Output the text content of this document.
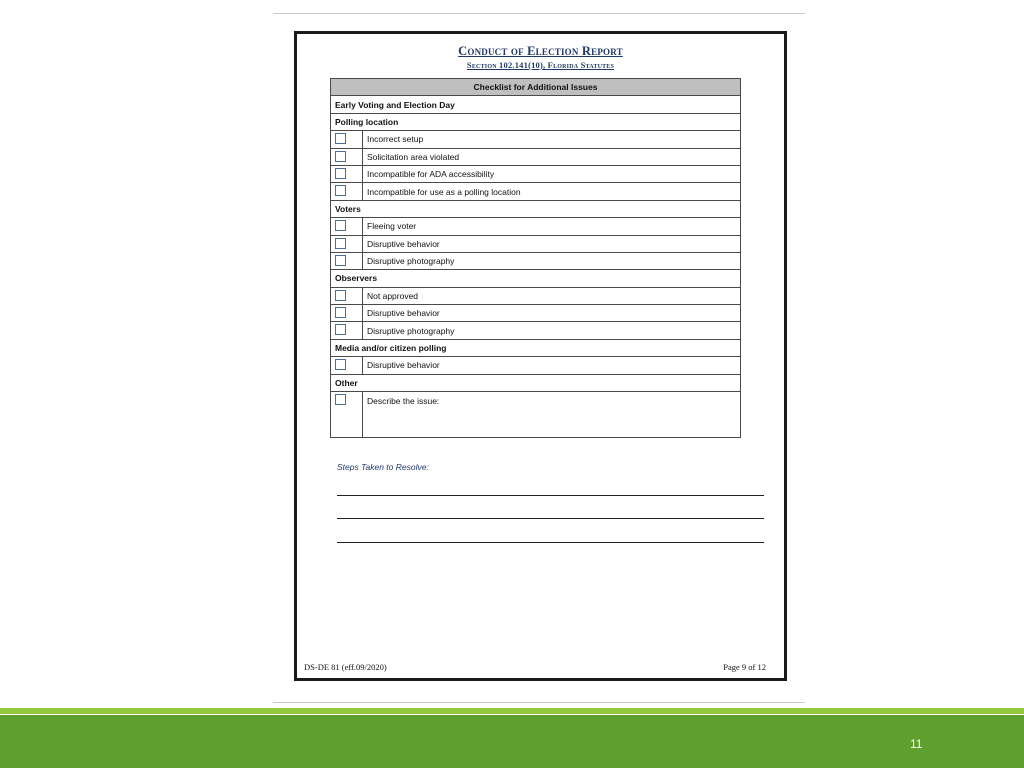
Conduct of Election Report
Section 102.141(10), Florida Statutes
Checklist for Additional Issues	
Early Voting and Election Day	
Polling location	

	Incorrect setup

	Solicitation area violated

	Incompatible for ADA accessibility

	Incompatible for use as a polling location
Voters	

	Fleeing voter

	Disruptive behavior

	Disruptive photography
Observers	

	Not approved

	Disruptive behavior

	Disruptive photography
Media and/or citizen polling	

	Disruptive behavior
Other	

	Describe the issue:
Steps Taken to Resolve:
DS-DE 81 (eff.09/2020)	Page 9 of 12
11
